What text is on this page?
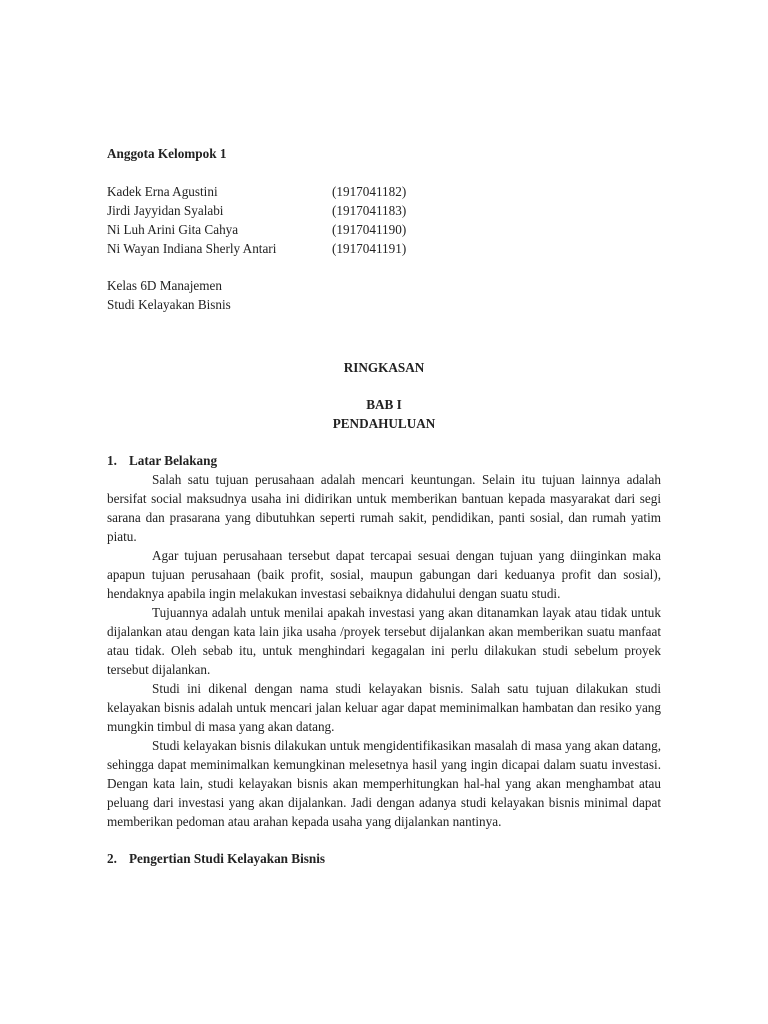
Anggota Kelompok 1
Kadek Erna Agustini	(1917041182)
Jirdi Jayyidan Syalabi	(1917041183)
Ni Luh Arini Gita Cahya	(1917041190)
Ni Wayan Indiana Sherly Antari	(1917041191)
Kelas 6D Manajemen
Studi Kelayakan Bisnis
RINGKASAN
BAB I
PENDAHULUAN
1. Latar Belakang

Salah satu tujuan perusahaan adalah mencari keuntungan. Selain itu tujuan lainnya adalah bersifat social maksudnya usaha ini didirikan untuk memberikan bantuan kepada masyarakat dari segi sarana dan prasarana yang dibutuhkan seperti rumah sakit, pendidikan, panti sosial, dan rumah yatim piatu.

Agar tujuan perusahaan tersebut dapat tercapai sesuai dengan tujuan yang diinginkan maka apapun tujuan perusahaan (baik profit, sosial, maupun gabungan dari keduanya profit dan sosial), hendaknya apabila ingin melakukan investasi sebaiknya didahului dengan suatu studi.

Tujuannya adalah untuk menilai apakah investasi yang akan ditanamkan layak atau tidak untuk dijalankan atau dengan kata lain jika usaha /proyek tersebut dijalankan akan memberikan suatu manfaat atau tidak. Oleh sebab itu, untuk menghindari kegagalan ini perlu dilakukan studi sebelum proyek tersebut dijalankan.

Studi ini dikenal dengan nama studi kelayakan bisnis. Salah satu tujuan dilakukan studi kelayakan bisnis adalah untuk mencari jalan keluar agar dapat meminimalkan hambatan dan resiko yang mungkin timbul di masa yang akan datang.

Studi kelayakan bisnis dilakukan untuk mengidentifikasikan masalah di masa yang akan datang, sehingga dapat meminimalkan kemungkinan melesetnya hasil yang ingin dicapai dalam suatu investasi. Dengan kata lain, studi kelayakan bisnis akan memperhitungkan hal-hal yang akan menghambat atau peluang dari investasi yang akan dijalankan. Jadi dengan adanya studi kelayakan bisnis minimal dapat memberikan pedoman atau arahan kepada usaha yang dijalankan nantinya.

2. Pengertian Studi Kelayakan Bisnis
